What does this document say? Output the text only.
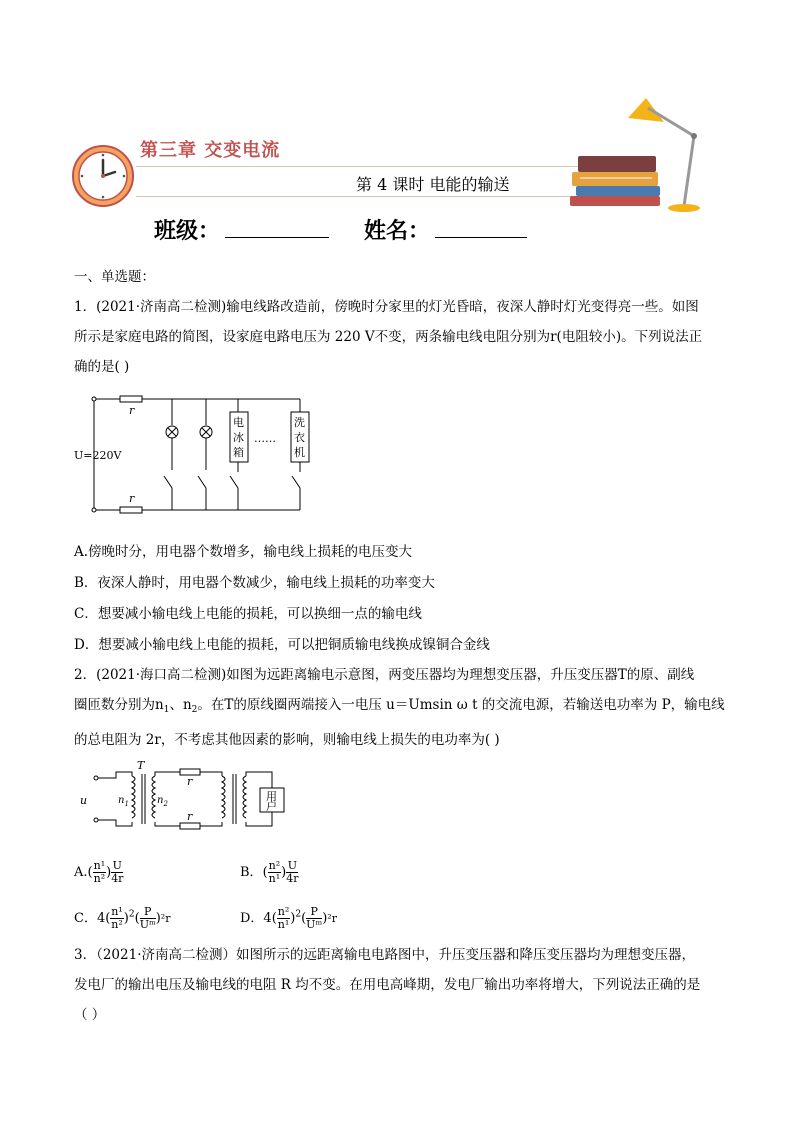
第三章 交变电流
第 4 课时 电能的输送
班级：	姓名：
一、单选题：
1．(2021·济南高二检测)输电线路改造前，傍晚时分家里的灯光昏暗，夜深人静时灯光变得亮一些。如图
所示是家庭电路的简图，设家庭电路电压为 220 V不变，两条输电线电阻分别为r(电阻较小)。下列说法正
确的是( )
r
r
U=220V
电
冰
箱
洗
衣
机
……
A.傍晚时分，用电器个数增多，输电线上损耗的电压变大
B．夜深人静时，用电器个数减少，输电线上损耗的功率变大
C．想要减小输电线上电能的损耗，可以换细一点的输电线
D．想要减小输电线上电能的损耗，可以把铜质输电线换成镍铜合金线
2．(2021·海口高二检测)如图为远距离输电示意图，两变压器均为理想变压器，升压变压器T的原、副线
圈匝数分别为$n_1$、$n_2$。在T的原线圈两端接入一电压 u＝Umsin ω t 的交流电源，若输送电功率为 P，输电线
的总电阻为 2r，不考虑其他因素的影响，则输电线上损失的电功率为( )
T
u	$n_1$	$n_2$
r
r
用
户
$A.( \frac{\text{n¹}}{\text{n²}}$ ) $\frac{U}{4r}$	B．( $\frac{\text{n²}}{\text{n¹}}$ ) $\frac{U}{4r}$
C．$4( \frac{\text{n¹}}{\text{n²}} )^2( \frac{P}{\text{Uᵐ}} )^2r$	D．$4( \frac{\text{n²}}{\text{n¹}} )^2( \frac{P}{\text{Uᵐ}} )^2r$
3．（2021·济南高二检测）如图所示的远距离输电电路图中，升压变压器和降压变压器均为理想变压器，
发电厂的输出电压及输电线的电阻 R 均不变。在用电高峰期，发电厂输出功率将增大，下列说法正确的是
（ ）
